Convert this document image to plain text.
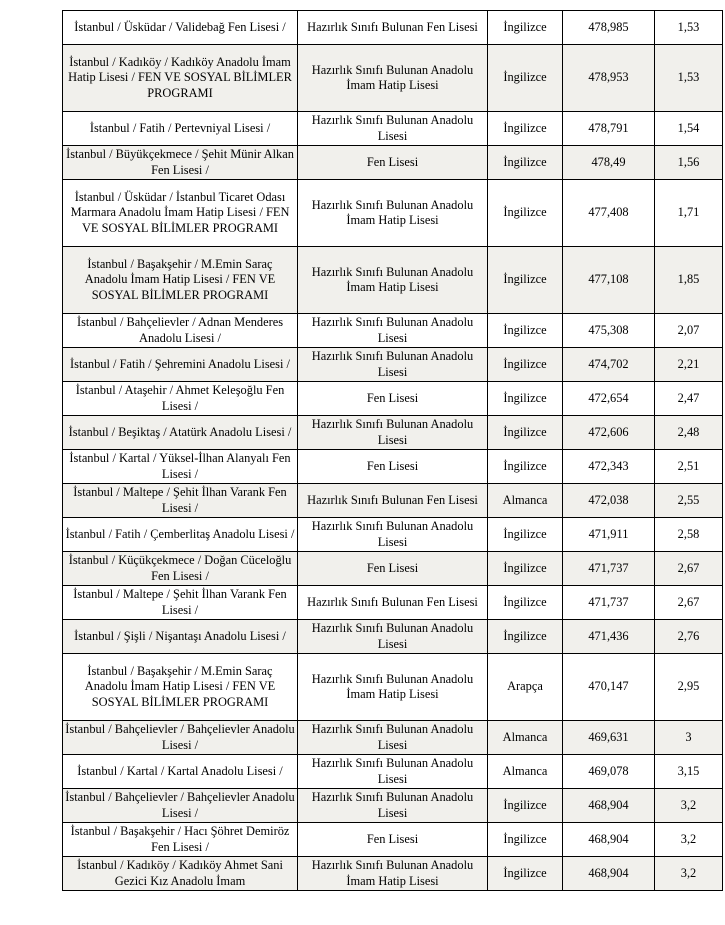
İstanbul / Üsküdar / Validebağ Fen Lisesi /	Hazırlık Sınıfı Bulunan Fen Lisesi	İngilizce	478,985	1,53
İstanbul / Kadıköy / Kadıköy Anadolu İmam Hatip Lisesi / FEN VE SOSYAL BİLİMLER PROGRAMI	Hazırlık Sınıfı Bulunan Anadolu İmam Hatip Lisesi	İngilizce	478,953	1,53
İstanbul / Fatih / Pertevniyal Lisesi /	Hazırlık Sınıfı Bulunan Anadolu Lisesi	İngilizce	478,791	1,54
İstanbul / Büyükçekmece / Şehit Münir Alkan Fen Lisesi /	Fen Lisesi	İngilizce	478,49	1,56
İstanbul / Üsküdar / İstanbul Ticaret Odası Marmara Anadolu İmam Hatip Lisesi / FEN VE SOSYAL BİLİMLER PROGRAMI	Hazırlık Sınıfı Bulunan Anadolu İmam Hatip Lisesi	İngilizce	477,408	1,71
İstanbul / Başakşehir / M.Emin Saraç Anadolu İmam Hatip Lisesi / FEN VE SOSYAL BİLİMLER PROGRAMI	Hazırlık Sınıfı Bulunan Anadolu İmam Hatip Lisesi	İngilizce	477,108	1,85
İstanbul / Bahçelievler / Adnan Menderes Anadolu Lisesi /	Hazırlık Sınıfı Bulunan Anadolu Lisesi	İngilizce	475,308	2,07
İstanbul / Fatih / Şehremini Anadolu Lisesi /	Hazırlık Sınıfı Bulunan Anadolu Lisesi	İngilizce	474,702	2,21
İstanbul / Ataşehir / Ahmet Keleşoğlu Fen Lisesi /	Fen Lisesi	İngilizce	472,654	2,47
İstanbul / Beşiktaş / Atatürk Anadolu Lisesi /	Hazırlık Sınıfı Bulunan Anadolu Lisesi	İngilizce	472,606	2,48
İstanbul / Kartal / Yüksel-İlhan Alanyalı Fen Lisesi /	Fen Lisesi	İngilizce	472,343	2,51
İstanbul / Maltepe / Şehit İlhan Varank Fen Lisesi /	Hazırlık Sınıfı Bulunan Fen Lisesi	Almanca	472,038	2,55
İstanbul / Fatih / Çemberlitaş Anadolu Lisesi /	Hazırlık Sınıfı Bulunan Anadolu Lisesi	İngilizce	471,911	2,58
İstanbul / Küçükçekmece / Doğan Cüceloğlu Fen Lisesi /	Fen Lisesi	İngilizce	471,737	2,67
İstanbul / Maltepe / Şehit İlhan Varank Fen Lisesi /	Hazırlık Sınıfı Bulunan Fen Lisesi	İngilizce	471,737	2,67
İstanbul / Şişli / Nişantaşı Anadolu Lisesi /	Hazırlık Sınıfı Bulunan Anadolu Lisesi	İngilizce	471,436	2,76
İstanbul / Başakşehir / M.Emin Saraç Anadolu İmam Hatip Lisesi / FEN VE SOSYAL BİLİMLER PROGRAMI	Hazırlık Sınıfı Bulunan Anadolu İmam Hatip Lisesi	Arapça	470,147	2,95
İstanbul / Bahçelievler / Bahçelievler Anadolu Lisesi /	Hazırlık Sınıfı Bulunan Anadolu Lisesi	Almanca	469,631	3
İstanbul / Kartal / Kartal Anadolu Lisesi /	Hazırlık Sınıfı Bulunan Anadolu Lisesi	Almanca	469,078	3,15
İstanbul / Bahçelievler / Bahçelievler Anadolu Lisesi /	Hazırlık Sınıfı Bulunan Anadolu Lisesi	İngilizce	468,904	3,2
İstanbul / Başakşehir / Hacı Şöhret Demiröz Fen Lisesi /	Fen Lisesi	İngilizce	468,904	3,2
İstanbul / Kadıköy / Kadıköy Ahmet Sani Gezici Kız Anadolu İmam	Hazırlık Sınıfı Bulunan Anadolu İmam Hatip Lisesi	İngilizce	468,904	3,2
